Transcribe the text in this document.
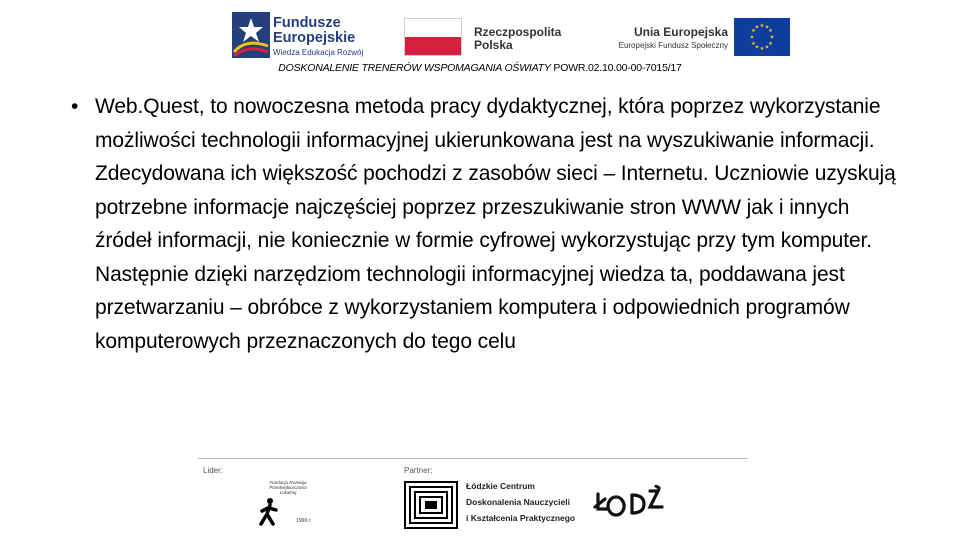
Fundusze
Europejskie
Wiedza Edukacja Rozwój
Rzeczpospolita
Polska
Unia Europejska
Europejski Fundusz Społeczny
★ ★
★
★
★
★
★
★
★
★
★
★
DOSKONALENIE TRENERÓW WSPOMAGANIA OŚWIATY POWR.02.10.00-00-7015/17
• Web.Quest, to nowoczesna metoda pracy dydaktycznej, która poprzez wykorzystanie możliwości technologii informacyjnej ukierunkowana jest na wyszukiwanie informacji. Zdecydowana ich większość pochodzi z zasobów sieci – Internetu. Uczniowie uzyskują potrzebne informacje najczęściej poprzez przeszukiwanie stron WWW jak i innych źródeł informacji, nie koniecznie w formie cyfrowej wykorzystując przy tym komputer. Następnie dzięki narzędziom technologii informacyjnej wiedza ta, poddawana jest przetwarzaniu – obróbce z wykorzystaniem komputera i odpowiednich programów komputerowych przeznaczonych do tego celu
Lider:	Partner:
Fundacja Rozwoju Przedsiębiorczości Lokalnej
1999 r.
Łódzkie Centrum
Doskonalenia Nauczycieli
i Kształcenia Praktycznego
